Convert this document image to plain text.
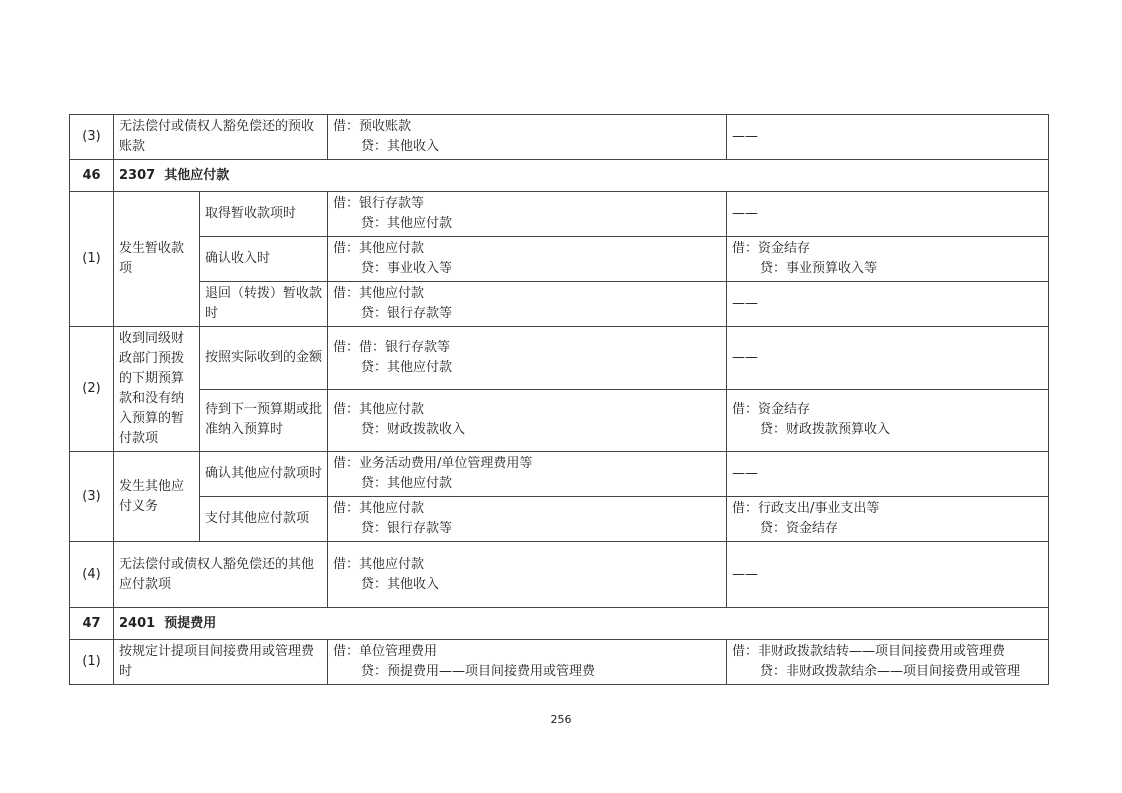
(3)	无法偿付或债权人豁免偿还的预收账款		借：预收账款
贷：其他收入	——

46	2307 其他应付款			
(1)	发生暂收款项	取得暂收款项时	借：银行存款等
贷：其他应付款	——

		确认收入时	借：其他应付款
贷：事业收入等	借：资金结存
贷：事业预算收入等

		退回（转拨）暂收款时	借：其他应付款
贷：银行存款等	——

(2)	收到同级财政部门预拨的下期预算款和没有纳入预算的暂付款项	按照实际收到的金额	借：借：银行存款等
贷：其他应付款	——

		待到下一预算期或批准纳入预算时	借：其他应付款
贷：财政拨款收入	借：资金结存
贷：财政拨款预算收入

(3)	发生其他应付义务	确认其他应付款项时	借：业务活动费用/单位管理费用等
贷：其他应付款	——

		支付其他应付款项	借：其他应付款
贷：银行存款等	借：行政支出/事业支出等
贷：资金结存

(4)	无法偿付或债权人豁免偿还的其他应付款项		借：其他应付款
贷：其他收入	——

47	2401 预提费用			
(1)	按规定计提项目间接费用或管理费时		借：单位管理费用
贷：预提费用——项目间接费用或管理费	借：非财政拨款结转——项目间接费用或管理费
贷：非财政拨款结余——项目间接费用或管理
256
